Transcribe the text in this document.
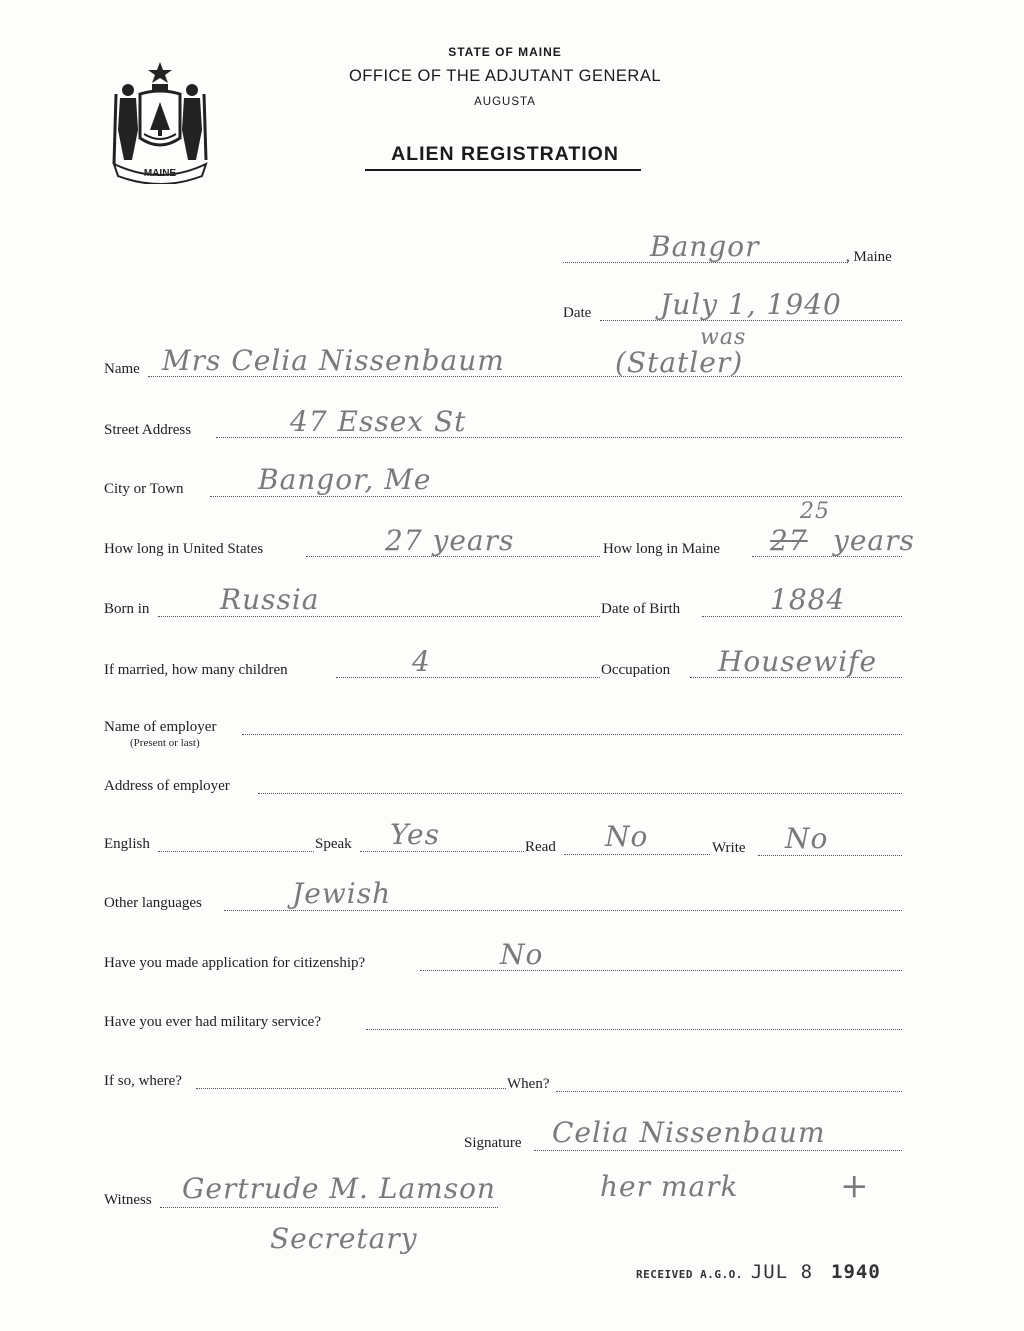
MAINE
STATE OF MAINE
OFFICE OF THE ADJUTANT GENERAL
AUGUSTA
ALIEN REGISTRATION
Bangor	, Maine
Date July 1, 1940
Name Mrs Celia Nissenbaum
was
(Statler)
Street Address	47 Essex St
City or Town	Bangor, Me
How long in United States	27 years	How long in Maine 27
25
years
Born in	Russia	Date of Birth	1884
If married, how many children	4	Occupation Housewife
Name of employer
(Present or last)
Address of employer
English	Speak Yes	Read No	Write No
Other languages	Jewish
Have you made application for citizenship?	No
Have you ever had military service?
If so, where?	When?
Signature Celia Nissenbaum
her mark	+
Witness Gertrude M. Lamson
Secretary
RECEIVED A.G.O. JUL 8 1940
